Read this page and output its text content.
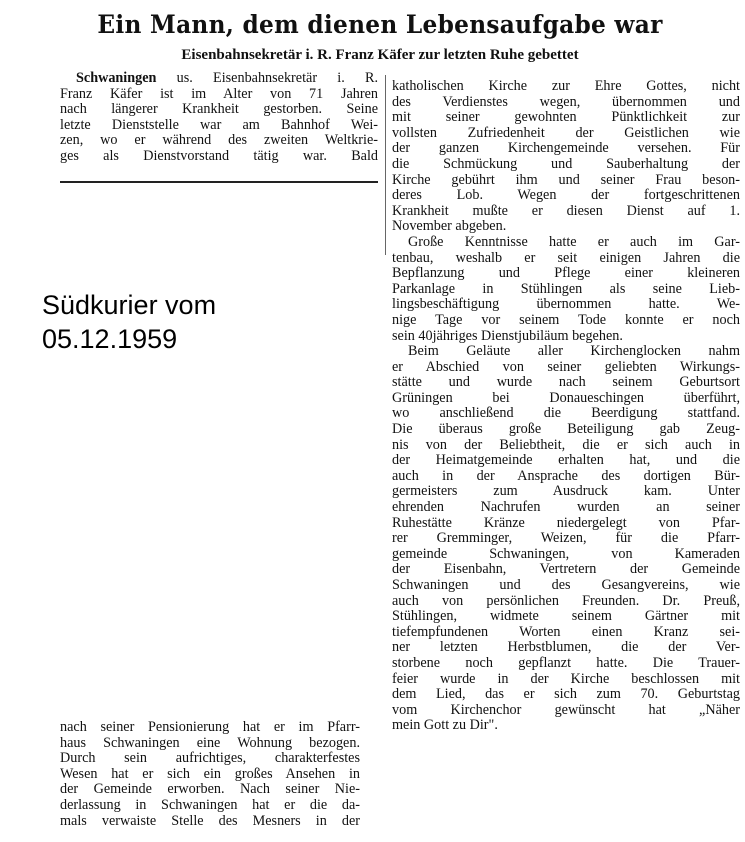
Ein Mann, dem dienen Lebensaufgabe war
Eisenbahnsekretär i. R. Franz Käfer zur letzten Ruhe gebettet

Schwaningen us. Eisenbahnsekretär i. R.
Franz Käfer ist im Alter von 71 Jahren
nach längerer Krankheit gestorben. Seine
letzte Dienststelle war am Bahnhof Wei-
zen, wo er während des zweiten Weltkrie-
ges als Dienstvorstand tätig war. Bald

Südkurier vom
05.12.1959

katholischen Kirche zur Ehre Gottes, nicht
des Verdienstes wegen, übernommen und
mit seiner gewohnten Pünktlichkeit zur
vollsten Zufriedenheit der Geistlichen wie
der ganzen Kirchengemeinde versehen. Für
die Schmückung und Sauberhaltung der
Kirche gebührt ihm und seiner Frau beson-
deres Lob. Wegen der fortgeschrittenen
Krankheit mußte er diesen Dienst auf 1.
November abgeben.

Große Kenntnisse hatte er auch im Gar-
tenbau, weshalb er seit einigen Jahren die
Bepflanzung und Pflege einer kleineren
Parkanlage in Stühlingen als seine Lieb-
lingsbeschäftigung übernommen hatte. We-
nige Tage vor seinem Tode konnte er noch
sein 40jähriges Dienstjubiläum begehen.

Beim Geläute aller Kirchenglocken nahm
er Abschied von seiner geliebten Wirkungs-
stätte und wurde nach seinem Geburtsort
Grüningen bei Donaueschingen überführt,
wo anschließend die Beerdigung stattfand.
Die überaus große Beteiligung gab Zeug-
nis von der Beliebtheit, die er sich auch in
der Heimatgemeinde erhalten hat, und die
auch in der Ansprache des dortigen Bür-
germeisters zum Ausdruck kam. Unter
ehrenden Nachrufen wurden an seiner
Ruhestätte Kränze niedergelegt von Pfar-
rer Gremminger, Weizen, für die Pfarr-
gemeinde Schwaningen, von Kameraden
der Eisenbahn, Vertretern der Gemeinde
Schwaningen und des Gesangvereins, wie
auch von persönlichen Freunden. Dr. Preuß,
Stühlingen, widmete seinem Gärtner mit
tiefempfundenen Worten einen Kranz sei-
ner letzten Herbstblumen, die der Ver-
storbene noch gepflanzt hatte. Die Trauer-
feier wurde in der Kirche beschlossen mit
dem Lied, das er sich zum 70. Geburtstag
vom Kirchenchor gewünscht hat „Näher
mein Gott zu Dir".

nach seiner Pensionierung hat er im Pfarr-
haus Schwaningen eine Wohnung bezogen.
Durch sein aufrichtiges, charakterfestes
Wesen hat er sich ein großes Ansehen in
der Gemeinde erworben. Nach seiner Nie-
derlassung in Schwaningen hat er die da-
mals verwaiste Stelle des Mesners in der
